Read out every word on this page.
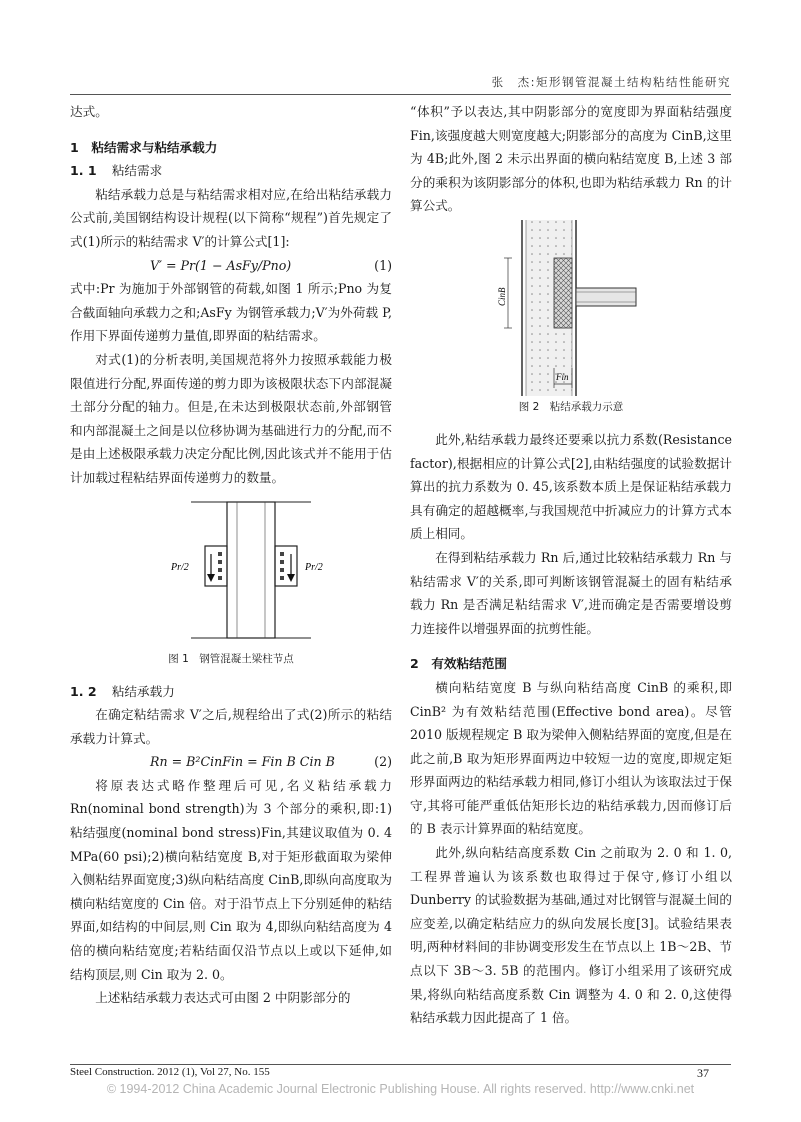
张　杰:矩形钢管混凝土结构粘结性能研究

达式。

1　粘结需求与粘结承载力
1. 1 粘结需求

粘结承载力总是与粘结需求相对应,在给出粘结承载力公式前,美国钢结构设计规程(以下简称“规程”)首先规定了式(1)所示的粘结需求 V′的计算公式[1]:

V′ = Pr(1 − AsFy/Pno)	(1)

式中:Pr 为施加于外部钢管的荷载,如图 1 所示;Pno 为复合截面轴向承载力之和;AsFy 为钢管承载力;V′为外荷载 P,作用下界面传递剪力量值,即界面的粘结需求。

对式(1)的分析表明,美国规范将外力按照承载能力极限值进行分配,界面传递的剪力即为该极限状态下内部混凝土部分分配的轴力。但是,在未达到极限状态前,外部钢管和内部混凝土之间是以位移协调为基础进行力的分配,而不是由上述极限承载力决定分配比例,因此该式并不能用于估计加载过程粘结界面传递剪力的数量。

Pr/2	Pr/2
图 1　钢管混凝土梁柱节点
1. 2 粘结承载力

在确定粘结需求 V′之后,规程给出了式(2)所示的粘结承载力计算式。

Rn = B²CinFin = Fin B Cin B	(2)

将原表达式略作整理后可见,名义粘结承载力 Rn(nominal bond strength)为 3 个部分的乘积,即:1)粘结强度(nominal bond stress)Fin,其建议取值为 0. 4 MPa(60 psi);2)横向粘结宽度 B,对于矩形截面取为梁伸入侧粘结界面宽度;3)纵向粘结高度 CinB,即纵向高度取为横向粘结宽度的 Cin 倍。对于沿节点上下分别延伸的粘结界面,如结构的中间层,则 Cin 取为 4,即纵向粘结高度为 4 倍的横向粘结宽度;若粘结面仅沿节点以上或以下延伸,如结构顶层,则 Cin 取为 2. 0。

上述粘结承载力表达式可由图 2 中阴影部分的

“体积”予以表达,其中阴影部分的宽度即为界面粘结强度 Fin,该强度越大则宽度越大;阴影部分的高度为 CinB,这里为 4B;此外,图 2 未示出界面的横向粘结宽度 B,上述 3 部分的乘积为该阴影部分的体积,也即为粘结承载力 Rn 的计算公式。

CinB
Fin
图 2　粘结承载力示意

此外,粘结承载力最终还要乘以抗力系数(Resistance factor),根据相应的计算公式[2],由粘结强度的试验数据计算出的抗力系数为 0. 45,该系数本质上是保证粘结承载力具有确定的超越概率,与我国规范中折减应力的计算方式本质上相同。

在得到粘结承载力 Rn 后,通过比较粘结承载力 Rn 与粘结需求 V′的关系,即可判断该钢管混凝土的固有粘结承载力 Rn 是否满足粘结需求 V′,进而确定是否需要增设剪力连接件以增强界面的抗剪性能。

2　有效粘结范围

横向粘结宽度 B 与纵向粘结高度 CinB 的乘积,即 CinB² 为有效粘结范围(Effective bond area)。尽管 2010 版规程规定 B 取为梁伸入侧粘结界面的宽度,但是在此之前,B 取为矩形界面两边中较短一边的宽度,即规定矩形界面两边的粘结承载力相同,修订小组认为该取法过于保守,其将可能严重低估矩形长边的粘结承载力,因而修订后的 B 表示计算界面的粘结宽度。

此外,纵向粘结高度系数 Cin 之前取为 2. 0 和 1. 0,工程界普遍认为该系数也取得过于保守,修订小组以 Dunberry 的试验数据为基础,通过对比钢管与混凝土间的应变差,以确定粘结应力的纵向发展长度[3]。试验结果表明,两种材料间的非协调变形发生在节点以上 1B～2B、节点以下 3B～3. 5B 的范围内。修订小组采用了该研究成果,将纵向粘结高度系数 Cin 调整为 4. 0 和 2. 0,这使得粘结承载力因此提高了 1 倍。

Steel Construction. 2012 (1), Vol 27, No. 155	37
© 1994-2012 China Academic Journal Electronic Publishing House. All rights reserved. http://www.cnki.net
